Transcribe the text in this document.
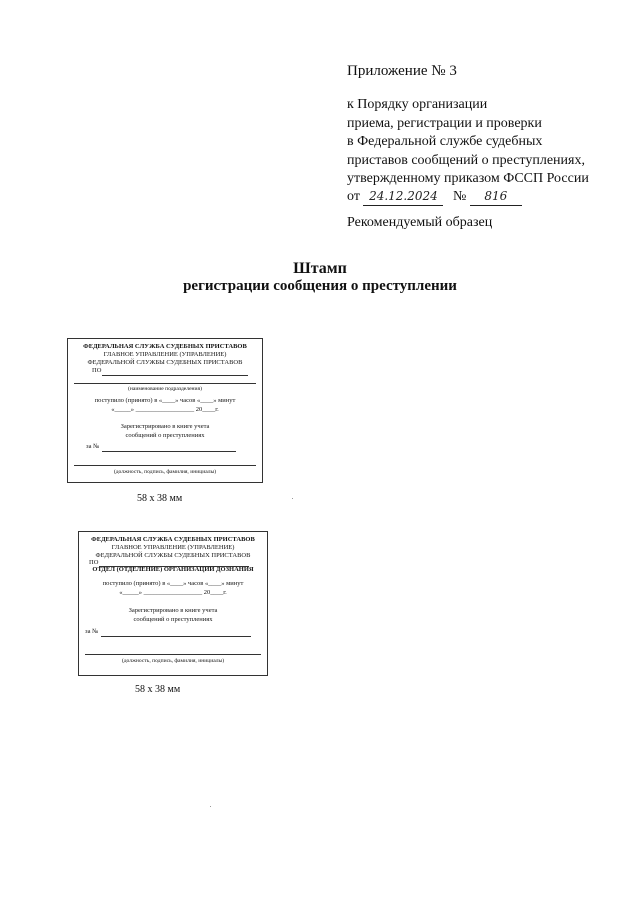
Приложение № 3
к Порядку организации
приема, регистрации и проверки
в Федеральной службе судебных
приставов сообщений о преступлениях,
утвержденному приказом ФССП России
от 24.12.2024 № 816
Рекомендуемый образец
Штамп
регистрации сообщения о преступлении
ФЕДЕРАЛЬНАЯ СЛУЖБА СУДЕБНЫХ ПРИСТАВОВ
ГЛАВНОЕ УПРАВЛЕНИЕ (УПРАВЛЕНИЕ)
ФЕДЕРАЛЬНОЙ СЛУЖБЫ СУДЕБНЫХ ПРИСТАВОВ
ПО
(наименование подразделения)
поступило (принято) в «____» часов «____» минут
«_____» __________________ 20____г.
Зарегистрировано в книге учета
сообщений о преступлениях
за №
(должность, подпись, фамилия, инициалы)
58 х 38 мм
ФЕДЕРАЛЬНАЯ СЛУЖБА СУДЕБНЫХ ПРИСТАВОВ
ГЛАВНОЕ УПРАВЛЕНИЕ (УПРАВЛЕНИЕ)
ФЕДЕРАЛЬНОЙ СЛУЖБЫ СУДЕБНЫХ ПРИСТАВОВ
ПО
ОТДЕЛ (ОТДЕЛЕНИЕ) ОРГАНИЗАЦИИ ДОЗНАНИЯ
поступило (принято) в «____» часов «____» минут
«_____» __________________ 20____г.
Зарегистрировано в книге учета
сообщений о преступлениях
за №
(должность, подпись, фамилия, инициалы)
58 х 38 мм
